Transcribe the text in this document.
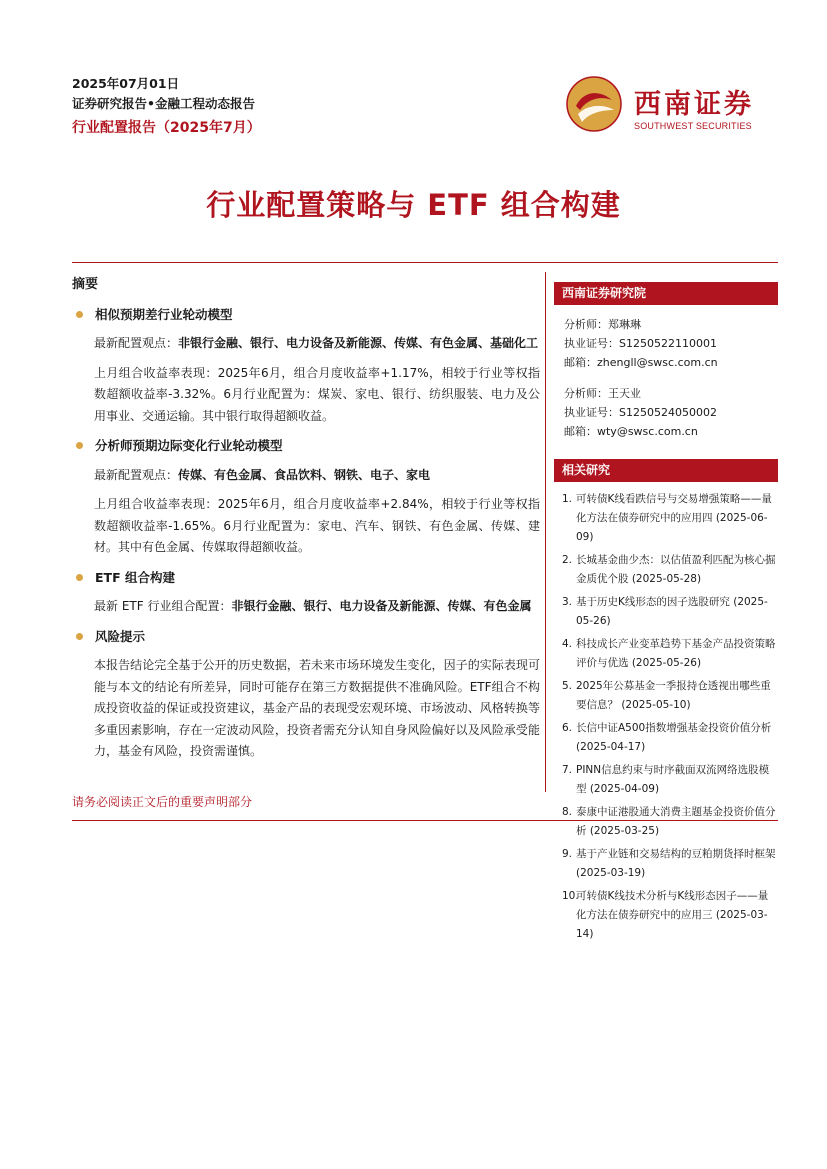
2025年07月01日
证券研究报告•金融工程动态报告
行业配置报告（2025年7月）
西南证券
SOUTHWEST SECURITIES
行业配置策略与 ETF 组合构建
摘要
相似预期差行业轮动模型
最新配置观点：非银行金融、银行、电力设备及新能源、传媒、有色金属、基础化工
上月组合收益率表现：2025年6月，组合月度收益率+1.17%，相较于行业等权指数超额收益率-3.32%。6月行业配置为：煤炭、家电、银行、纺织服装、电力及公用事业、交通运输。其中银行取得超额收益。
分析师预期边际变化行业轮动模型
最新配置观点：传媒、有色金属、食品饮料、钢铁、电子、家电
上月组合收益率表现：2025年6月，组合月度收益率+2.84%，相较于行业等权指数超额收益率-1.65%。6月行业配置为：家电、汽车、钢铁、有色金属、传媒、建材。其中有色金属、传媒取得超额收益。
ETF 组合构建
最新 ETF 行业组合配置：非银行金融、银行、电力设备及新能源、传媒、有色金属
风险提示
本报告结论完全基于公开的历史数据，若未来市场环境发生变化，因子的实际表现可能与本文的结论有所差异，同时可能存在第三方数据提供不准确风险。ETF组合不构成投资收益的保证或投资建议，基金产品的表现受宏观环境、市场波动、风格转换等多重因素影响，存在一定波动风险，投资者需充分认知自身风险偏好以及风险承受能力，基金有风险，投资需谨慎。
西南证券研究院
分析师：郑琳琳
执业证号：S1250522110001
邮箱：zhengll@swsc.com.cn
分析师：王天业
执业证号：S1250524050002
邮箱：wty@swsc.com.cn
相关研究
1. 可转债K线看跌信号与交易增强策略——量化方法在债券研究中的应用四 (2025-06-09)
2. 长城基金曲少杰：以估值盈利匹配为核心掘金质优个股 (2025-05-28)
3. 基于历史K线形态的因子选股研究 (2025-05-26)
4. 科技成长产业变革趋势下基金产品投资策略评价与优选 (2025-05-26)
5. 2025年公募基金一季报持仓透视出哪些重要信息？ (2025-05-10)
6. 长信中证A500指数增强基金投资价值分析 (2025-04-17)
7. PINN信息约束与时序截面双流网络选股模型 (2025-04-09)
8. 泰康中证港股通大消费主题基金投资价值分析 (2025-03-25)
9. 基于产业链和交易结构的豆粕期货择时框架 (2025-03-19)
10.
可转债K线技术分析与K线形态因子——量化方法在债券研究中的应用三 (2025-03-14)
请务必阅读正文后的重要声明部分
